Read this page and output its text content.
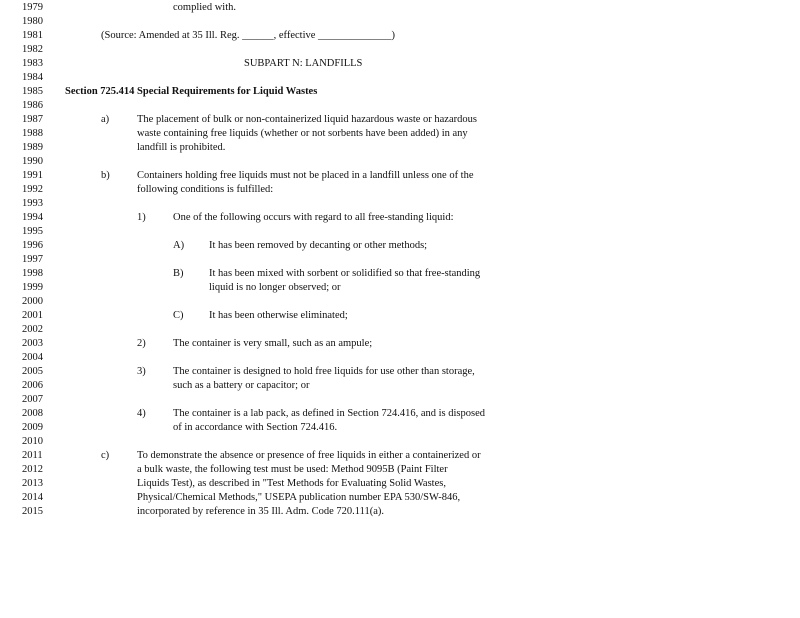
1979
1980
1981
1982
1983
1984
1985
1986
1987
1988
1989
1990
1991
1992
1993
1994
1995
1996
1997
1998
1999
2000
2001
2002
2003
2004
2005
2006
2007
2008
2009
2010
2011
2012
2013
2014
2015
complied with.
(Source: Amended at 35 Ill. Reg. ______, effective ______________)
SUBPART N: LANDFILLS
Section 725.414 Special Requirements for Liquid Wastes
a)	The placement of bulk or non-containerized liquid hazardous waste or hazardous
waste containing free liquids (whether or not sorbents have been added) in any
landfill is prohibited.
b)	Containers holding free liquids must not be placed in a landfill unless one of the
following conditions is fulfilled:
1)	One of the following occurs with regard to all free-standing liquid:
A) It has been removed by decanting or other methods;
B) It has been mixed with sorbent or solidified so that free-standing
liquid is no longer observed; or
C) It has been otherwise eliminated;
2)	The container is very small, such as an ampule;
3)	The container is designed to hold free liquids for use other than storage,
such as a battery or capacitor; or
4)	The container is a lab pack, as defined in Section 724.416, and is disposed
of in accordance with Section 724.416.
c)	To demonstrate the absence or presence of free liquids in either a containerized or
a bulk waste, the following test must be used: Method 9095B (Paint Filter
Liquids Test), as described in "Test Methods for Evaluating Solid Wastes,
Physical/Chemical Methods," USEPA publication number EPA 530/SW-846,
incorporated by reference in 35 Ill. Adm. Code 720.111(a).
